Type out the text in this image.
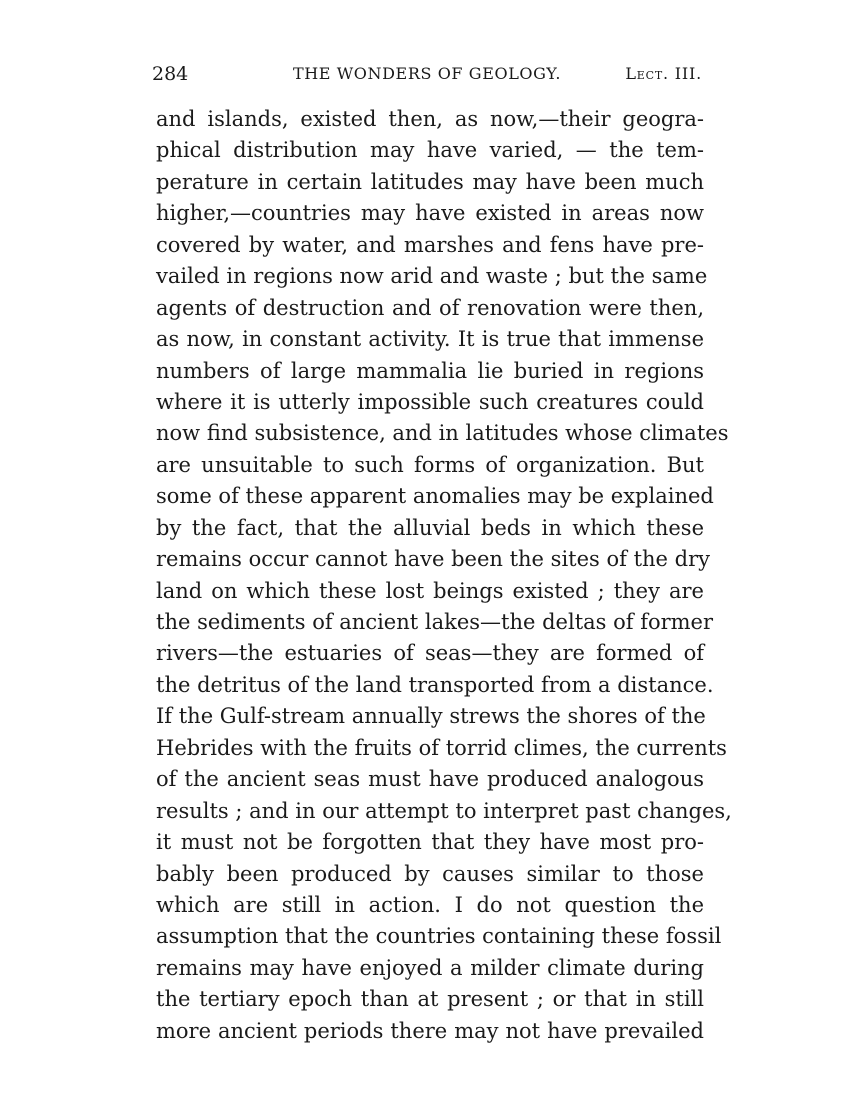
284	THE WONDERS OF GEOLOGY.	Lect. III.
and islands, existed then, as now,—their geogra-
phical distribution may have varied, — the tem-
perature in certain latitudes may have been much
higher,—countries may have existed in areas now
covered by water, and marshes and fens have pre-
vailed in regions now arid and waste ; but the same
agents of destruction and of renovation were then,
as now, in constant activity. It is true that immense
numbers of large mammalia lie buried in regions
where it is utterly impossible such creatures could
now find subsistence, and in latitudes whose climates
are unsuitable to such forms of organization. But
some of these apparent anomalies may be explained
by the fact, that the alluvial beds in which these
remains occur cannot have been the sites of the dry
land on which these lost beings existed ; they are
the sediments of ancient lakes—the deltas of former
rivers—the estuaries of seas—they are formed of
the detritus of the land transported from a distance.
If the Gulf-stream annually strews the shores of the
Hebrides with the fruits of torrid climes, the currents
of the ancient seas must have produced analogous
results ; and in our attempt to interpret past changes,
it must not be forgotten that they have most pro-
bably been produced by causes similar to those
which are still in action. I do not question the
assumption that the countries containing these fossil
remains may have enjoyed a milder climate during
the tertiary epoch than at present ; or that in still
more ancient periods there may not have prevailed
